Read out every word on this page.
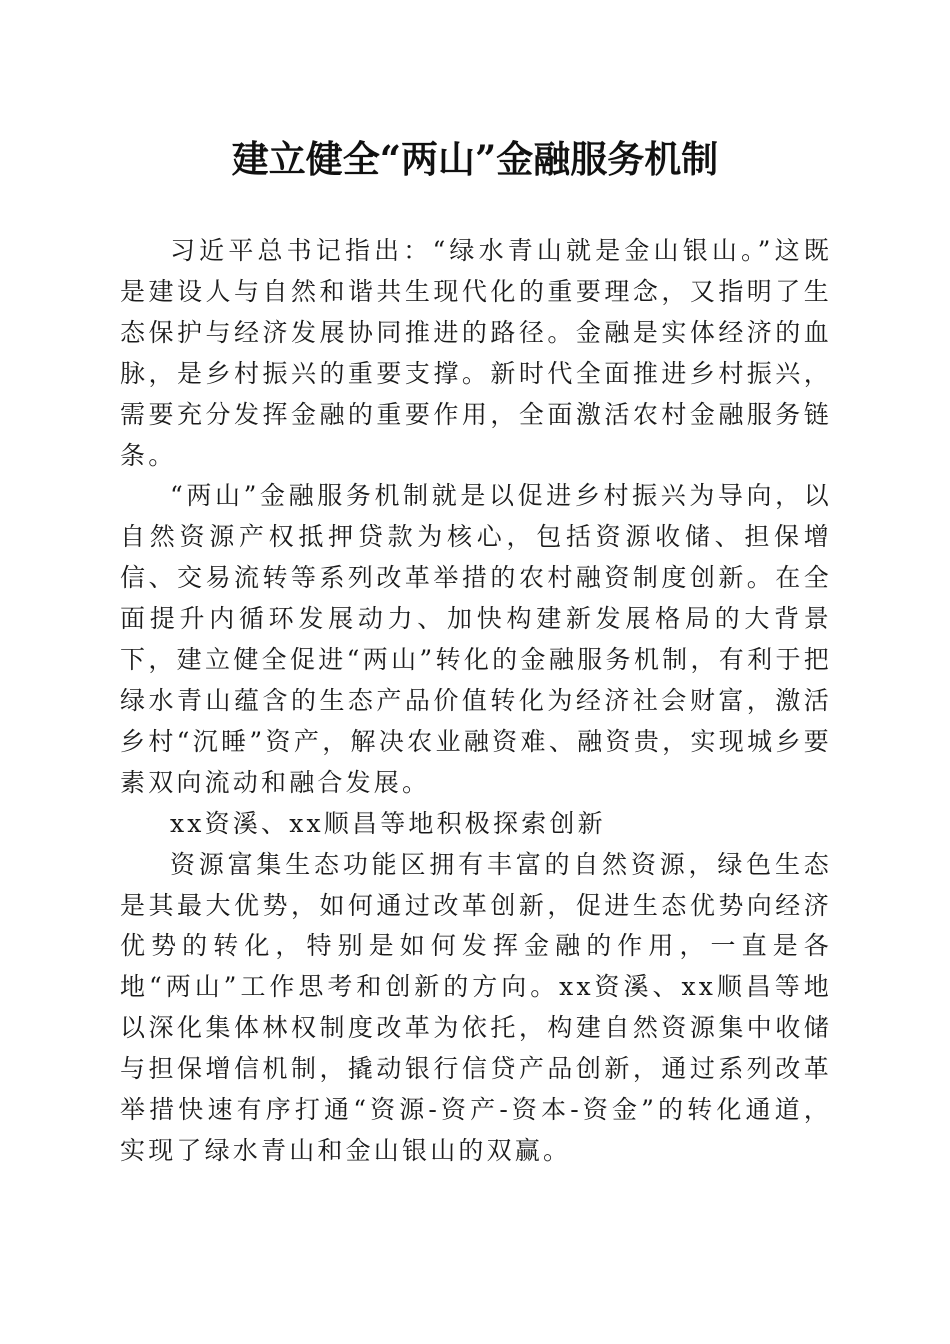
建立健全“两山”金融服务机制

习近平总书记指出：“绿水青山就是金山银山。”这既是建设人与自然和谐共生现代化的重要理念，又指明了生态保护与经济发展协同推进的路径。金融是实体经济的血脉，是乡村振兴的重要支撑。新时代全面推进乡村振兴，需要充分发挥金融的重要作用，全面激活农村金融服务链条。

“两山”金融服务机制就是以促进乡村振兴为导向，以自然资源产权抵押贷款为核心，包括资源收储、担保增信、交易流转等系列改革举措的农村融资制度创新。在全面提升内循环发展动力、加快构建新发展格局的大背景下，建立健全促进“两山”转化的金融服务机制，有利于把绿水青山蕴含的生态产品价值转化为经济社会财富，激活乡村“沉睡”资产，解决农业融资难、融资贵，实现城乡要素双向流动和融合发展。

xx资溪、xx顺昌等地积极探索创新

资源富集生态功能区拥有丰富的自然资源，绿色生态是其最大优势，如何通过改革创新，促进生态优势向经济优势的转化，特别是如何发挥金融的作用，一直是各地“两山”工作思考和创新的方向。xx资溪、xx顺昌等地以深化集体林权制度改革为依托，构建自然资源集中收储与担保增信机制，撬动银行信贷产品创新，通过系列改革举措快速有序打通“资源-资产-资本-资金”的转化通道，实现了绿水青山和金山银山的双赢。
